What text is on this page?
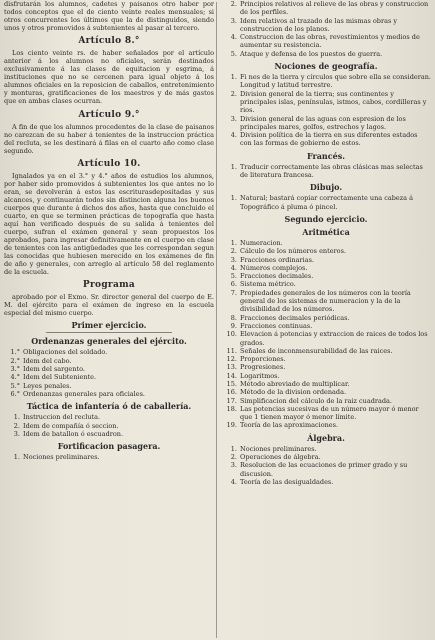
disfrutarán los alumnos, cadetes y paisanos otro haber por todos conceptos que el de ciento veinte reales mensuales; si otros concurrentes los últimos que la de distinguidos, siendo unos y otros promovidos á subtenientes al pasar al tercero.

Artículo 8.°

Los ciento veinte rs. de haber señalados por el artículo anterior á los alumnos no oficiales, serán destinados exclusivamente á las clases de equitacion y esgrima, á instituciones que no se cercenen para igual objeto á los alumnos oficiales en la reposicion de caballos, entretenimiento y monturas, gratificaciones de los maestros y de más gastos que en ambas clases ocurran.

Artículo 9.°

A fin de que los alumnos procedentes de la clase de paisanos no carezcan de su haber á tenientes de la instruccion práctica del recluta, se les destinará á filas en el cuarto año como clase segundo.

Artículo 10.

Ignalados ya en el 3.° y 4.° años de estudios los alumnos, por haber sido promovidos á subtenientes los que antes no lo eran, se devolverán á estos las escriturasdepositadas y sus alcances, y continuarán todos sin distincion alguna los buenos cuerpos que durante á dichos dos años, hasta que concluido el cuarto, en que se terminen prácticas de topografía que hasta aquí han verificado después de su salida á tenientes del cuerpo, sufran el exámen general y sean propuestos los aprobados, para ingresar definitivamente en el cuerpo en clase de tenientes con las antigüedades que les correspondan segun las conocidas que hubiesen merecido en los exámenes de fin de año y generales, con arreglo al artículo 58 del reglamento de la escuela.

Programa

aprobado por el Exmo. Sr. director general del cuerpo de E. M. del ejército para el exámen de ingreso en la escuela especial del mismo cuerpo.

Primer ejercicio.
Ordenanzas generales del ejército.
1.° Obligaciones del soldado.
2.° Idem del cabo.
3.° Idem del sargento.
4.° Idem del Subteniente.
5.° Leyes penales.
6.° Ordenanzas generales para oficiales.
Táctica de infantería ó de caballería.
1. Instruccion del recluta.
2. Idem de compañía ó seccion.
3. Idem de batallon ó escuadron.
Fortificacion pasagera.
1. Nociones preliminares.
2. Principios relativos al relieve de las obras y construccion de los perfiles.
3. Idem relativos al trazado de las mismas obras y construccion de los planos.
4. Construccion de las obras, revestimientos y medios de aumentar su resistencia.
5. Ataque y defensa de los puestos de guerra.
Nociones de geografía.
1. Fi nes de la tierra y círculos que sobre ella se consideran. Longitud y latitud terrestre.
2. Division general de la tierra; sus continentes y principales islas, penínsulas, istmos, cabos, cordilleras y rios.
3. Division general de las aguas con espresion de los principales mares, golfos, estrechos y lagos.
4. Division política de la tierra en sus diferentes estados con las formas de gobierno de estos.
Francés.
1. Traducir correctamente las obras clásicas mas selectas de literatura francesa.
Dibujo.
1. Natural; bastará copiar correctamente una cabeza á
Topográfico á pluma ó pincel.
Segundo ejercicio.
Aritmética
1. Numeracion.
2. Cálculo de los números enteros.
3. Fracciones ordinarias.
4. Números complejos.
5. Fracciones decimales.
6. Sistema métrico.
7. Propiedades generales de los números con la teoría general de los sistemas de numeracion y la de la divisibilidad de los números.
8. Fracciones decimales periódicas.
9. Fracciones continuas.
10. Elevacion á potencias y extraccion de raices de todos los grados.
11. Señales de inconmensurabilidad de las raices.
12. Proporciones.
13. Progresiones.
14. Logaritmos.
15. Método abreviado de multiplicar.
16. Método de la division ordenada.
17. Simplificacion del cálculo de la raiz cuadrada.
18. Las potencias sucesivas de un número mayor ó menor que 1 tienen mayor ó menor límite.
19. Teoría de las aproximaciones.
Álgebra.
1. Nociones preliminares.
2. Operaciones de álgebra.
3. Resolucion de las ecuaciones de primer grado y su discusion.
4. Teoría de las desigualdades.
